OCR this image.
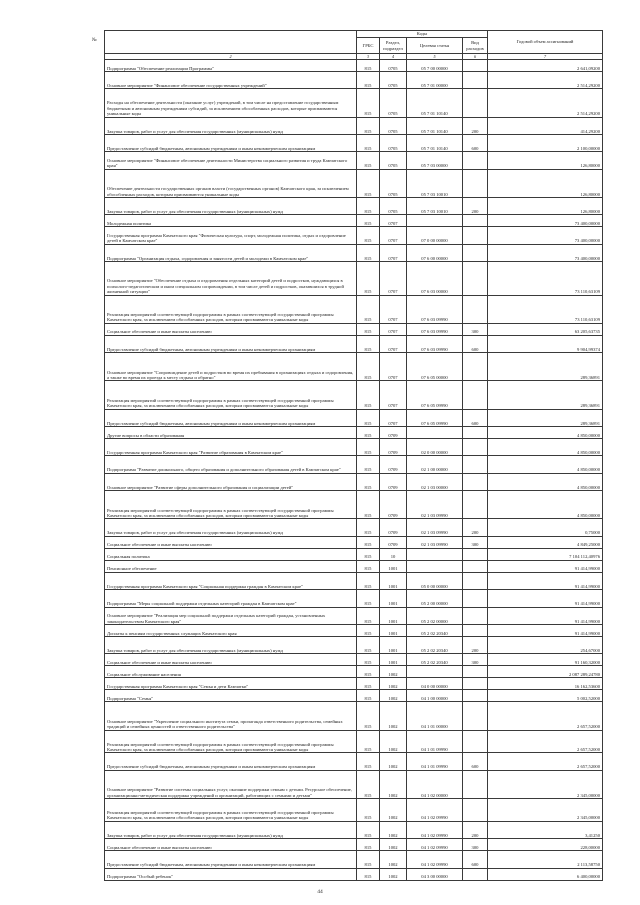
№
	Коды				Годовой объем ассигнований
	ГРБС	Раздел, подраздел	Целевая статья	Вид расходов	
2	3	4	5	6	7
Подпрограмма "Обеспечение реализации Программы"	815	0705	05 7 00 00000		2 641,09200
Основное мероприятие "Финансовое обеспечение государственных учреждений"	815	0705	05 7 01 00000		2 514,29200
Расходы на обеспечение деятельности (оказание услуг) учреждений, в том числе на предоставление государственным бюджетным и автономным учреждениям субсидий, за исключением обособленных расходов, которые присваиваются уникальные коды	815	0705	05 7 01 10140		2 514,29200
Закупка товаров, работ и услуг для обеспечения государственных (муниципальных) нужд	815	0705	05 7 01 10140	200	414,29200
Предоставление субсидий бюджетным, автономным учреждениям и иным некоммерческим организациям	815	0705	05 7 01 10140	600	2 100,00000
Основное мероприятие "Финансовое обеспечение деятельности Министерства социального развития и труда Камчатского края"	815	0705	05 7 03 00000		126,80000
Обеспечение деятельности государственных органов власти (государственных органов) Камчатского края, за исключением обособленных расходов, которым присваиваются уникальные коды	815	0705	05 7 03 10010		126,80000
Закупка товаров, работ и услуг для обеспечения государственных (муниципальных) нужд	815	0705	05 7 03 10010	200	126,80000
Молодежная политика	815	0707			73 400,00000
Государственная программа Камчатского края "Физическая культура, спорт, молодежная политика, отдых и оздоровление детей в Камчатском крае"	815	0707	07 0 00 00000		73 400,00000
Подпрограмма "Организация отдыха, оздоровления и занятости детей и молодежи в Камчатском крае"	815	0707	07 6 00 00000		73 400,00000
Основное мероприятие "Обеспечение отдыха и оздоровления отдельных категорий детей и подростков, нуждающихся в психолого-педагогическом и ином специальном сопровождении, в том числе детей и подростков, оказавшихся в трудной жизненной ситуации"	815	0707	07 6 03 00000		73 110,63109
Реализация мероприятий соответствующей подпрограммы в рамках соответствующей государственной программы Камчатского края, за исключением обособленных расходов, которым присваиваются уникальные коды	815	0707	07 6 03 09990		73 110,63109
Социальное обеспечение и иные выплаты населению	815	0707	07 6 03 09990	300	63 205,63735
Предоставление субсидий бюджетным, автономным учреждениям и иным некоммерческим организациям	815	0707	07 6 03 09990	600	9 904,99374
Основное мероприятие "Сопровождение детей и подростков во время их пребывания в организациях отдыха и оздоровления, а также во время их проезда к месту отдыха и обратно"	815	0707	07 6 05 00000		289,36891
Реализация мероприятий соответствующей подпрограммы в рамках соответствующей государственной программы Камчатского края, за исключением обособленных расходов, которым присваиваются уникальные коды	815	0707	07 6 05 09990		289,36891
Предоставление субсидий бюджетным, автономным учреждениям и иным некоммерческим организациям	815	0707	07 6 05 09990	600	289,36891
Другие вопросы в области образования	815	0709			4 850,00000
Государственная программа Камчатского края "Развитие образования в Камчатском крае"	815	0709	02 0 00 00000		4 850,00000
Подпрограмма "Развитие дошкольного, общего образования и дополнительного образования детей в Камчатском крае"	815	0709	02 1 00 00000		4 850,00000
Основное мероприятие "Развитие сферы дополнительного образования и социализации детей"	815	0709	02 1 03 00000		4 850,00000
Реализация мероприятий соответствующей подпрограммы в рамках соответствующей государственной программы Камчатского края, за исключением обособленных расходов, которым присваиваются уникальные коды	815	0709	02 1 03 09990		4 850,00000
Закупка товаров, работ и услуг для обеспечения государственных (муниципальных) нужд	815	0709	02 1 03 09990	200	0,75000
Социальное обеспечение и иные выплаты населению	815	0709	02 1 03 09990	300	4 849,25000
Социальная политика	815	10			7 104 112,40976
Пенсионное обеспечение	815	1001			91 414,99000
Государственная программа Камчатского края "Социальная поддержка граждан в Камчатском крае"	815	1001	05 0 00 00000		91 414,99000
Подпрограмма "Меры социальной поддержки отдельных категорий граждан в Камчатском крае"	815	1001	05 2 00 00000		91 414,99000
Основное мероприятие "Реализация мер социальной поддержки отдельных категорий граждан, установленных законодательством Камчатского края"	815	1001	05 2 02 00000		91 414,99000
Доплаты к пенсиям государственных служащих Камчатского края	815	1001	05 2 02 20340		91 414,99000
Закупка товаров, работ и услуг для обеспечения государственных (муниципальных) нужд	815	1001	05 2 02 20340	200	254,67000
Социальное обеспечение и иные выплаты населению	815	1001	05 2 02 20340	300	91 160,32000
Социальное обслуживание населения	815	1002			2 087 289,24780
Государственная программа Камчатского края "Семья и дети Камчатки"	815	1002	04 0 00 00000		16 162,53600
Подпрограмма "Семья"	815	1002	04 1 00 00000		5 002,52000
Основное мероприятие "Укрепление социального института семьи, пропаганда ответственного родительства, семейных традиций и семейных ценностей и ответственного родительства"	815	1002	04 1 01 00000		2 657,52000
Реализация мероприятий соответствующей подпрограммы в рамках соответствующей государственной программы Камчатского края, за исключением обособленных расходов, которым присваиваются уникальные коды	815	1002	04 1 01 09990		2 657,52000
Предоставление субсидий бюджетным, автономным учреждениям и иным некоммерческим организациям	815	1002	04 1 01 09990	600	2 657,52000
Основное мероприятие "Развитие системы социальных услуг, оказание поддержки семьям с детьми. Ресурсное обеспечение, организационно-методическая поддержка учреждений и организаций, работающих с семьями и детьми"	815	1002	04 1 02 00000		2 345,00000
Реализация мероприятий соответствующей подпрограммы в рамках соответствующей государственной программы Камчатского края, за исключением обособленных расходов, которым присваиваются уникальные коды	815	1002	04 1 02 09990		2 345,00000
Закупка товаров, работ и услуг для обеспечения государственных (муниципальных) нужд	815	1002	04 1 02 09990	200	3,41250
Социальное обеспечение и иные выплаты населению	815	1002	04 1 02 09990	300	228,00000
Предоставление субсидий бюджетным, автономным учреждениям и иным некоммерческим организациям	815	1002	04 1 02 09990	600	2 113,58750
Подпрограмма "Особый ребенок"	815	1002	04 3 00 00000		6 400,00000
44
